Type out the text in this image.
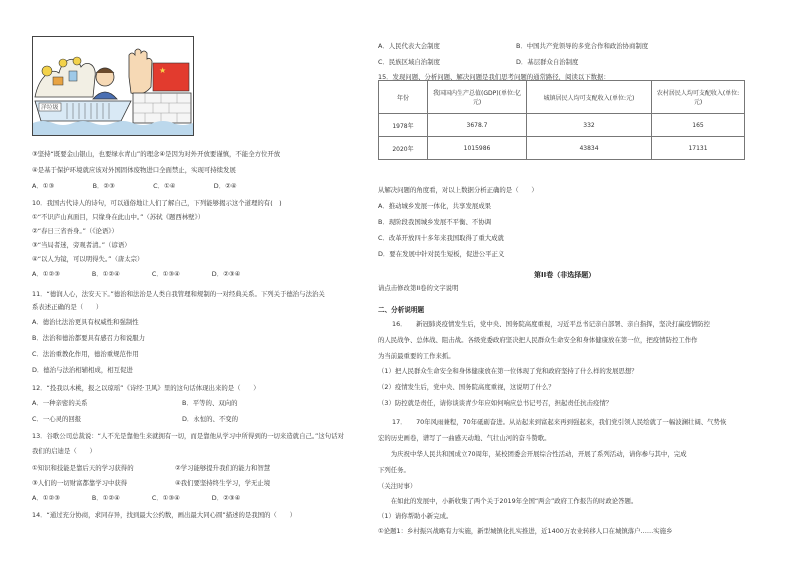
★
洋垃圾
③坚持“既要金山银山，也要绿水青山”的理念④是因为对外开放要谨慎，不能全方位开放
④是基于保护环境就应该对外国固体废物进口全面禁止，实现可持续发展
A．①③　　　　　　B．②③　　　　　　C．①④　　　　　　D．②④
10．我国古代诗人的诗句，可以通俗地让人们了解自己，下列能够揭示这个道理的有(　)
①“不识庐山真面目，只缘身在此山中。”（苏轼《题西林壁》）
②“春日三省吾身。”（《论语》）
③“当局者迷，旁观者清。”（谚语）
④“以人为镜，可以明得失。”（唐太宗）
A．①②③　　　　　B．①②④　　　　　C．①③④　　　　　D．②③④
11．“德润人心，法安天下。”德治和法治是人类自我管理和规制的一对经典关系。下列关于德治与法治关
系表述正确的是（　　）
A．德治比法治更具有权威性和强制性
B．法治和德治都要具有感召力和说服力
C．法治重教化作用，德治重规范作用
D．德治与法治相辅相成，相互促进
12．“投我以木桃，报之以琼瑶”《诗经·卫风》里的这句话体现出来的是（　　）
A．一种亲密的关系	B．平等的、双向的
C．一心灵的回报	D．永恒的、不变的
13．谷歌公司总裁说：“人不光是靠他生来就拥有一切，而是靠他从学习中所得到的一切来造就自己。”这句话对
我们的启迪是（　　）
①知识和技能是靠后天的学习获得的	②学习能够提升我们的能力和智慧
③人们的一切财富都靠学习中获得	④我们要坚持终生学习，学无止境
A．①②③　　　　　B．①②④　　　　　C．①③④　　　　　D．②③④
14．“通过充分协商，求同存异，找到最大公约数，画出最大同心圆”描述的是我国的（　　）
A．人民代表大会制度	B．中国共产党领导的多党合作和政治协商制度
C．民族区域自治制度	D．基层群众自治制度
15．发现问题、分析问题、解决问题是我们思考问题的通常路径，阅读以下数据：
年份	我国国内生产总值(GDP)(单位:亿元)	城镇居民人均可支配收入(单位:元)	农村居民人均可支配收入(单位:元)
1978年	3678.7	332	165
2020年	1015986	43834	17131
从解决问题的角度看，对以上数据分析正确的是（　　）
A．推动城乡发展一体化，共享发展成果
B．现阶段我国城乡发展不平衡、不协调
C．改革开放四十多年来我国取得了重大成就
D．要在发展中针对民生短板，促进公平正义
第II卷（非选择题）
请点击修改第II卷的文字说明
二、分析说明题
16．　　新冠肺炎疫情发生后，党中央、国务院高度重视，习近平总书记亲自部署、亲自指挥，坚决打赢疫情防控
的人民战争、总体战、阻击战。各级党委政府坚决把人民群众生命安全和身体健康放在第一位，把疫情防控工作作
为当前最重要的工作来抓。
（1）把人民群众生命安全和身体健康放在第一位体现了党和政府坚持了什么样的发展思想？
（2）疫情发生后，党中央、国务院高度重视，这说明了什么？
（3）防控就是责任，请你谈谈青少年应如何响应总书记号召，担起责任抗击疫情？
17．　　70年风雨兼程，70年砥砺奋进。从站起来到富起来再到强起来，我们党引领人民绘就了一幅波澜壮阔、气势恢
宏的历史画卷，谱写了一曲感天动地、气壮山河的奋斗赞歌。
　　为庆祝中华人民共和国成立70周年，某校团委会开展综合性活动，开展了系列活动，请你参与其中，完成
下列任务。
（关注时事）
　　在如此的发展中，小新收集了两个关于2019年全国“两会”政府工作报告的时政论答题。
（1）请你帮助小新完成。
①论题1：乡村振兴战略有力实施，新型城镇化扎实推进，近1400万农业转移人口在城镇落户……实施乡
